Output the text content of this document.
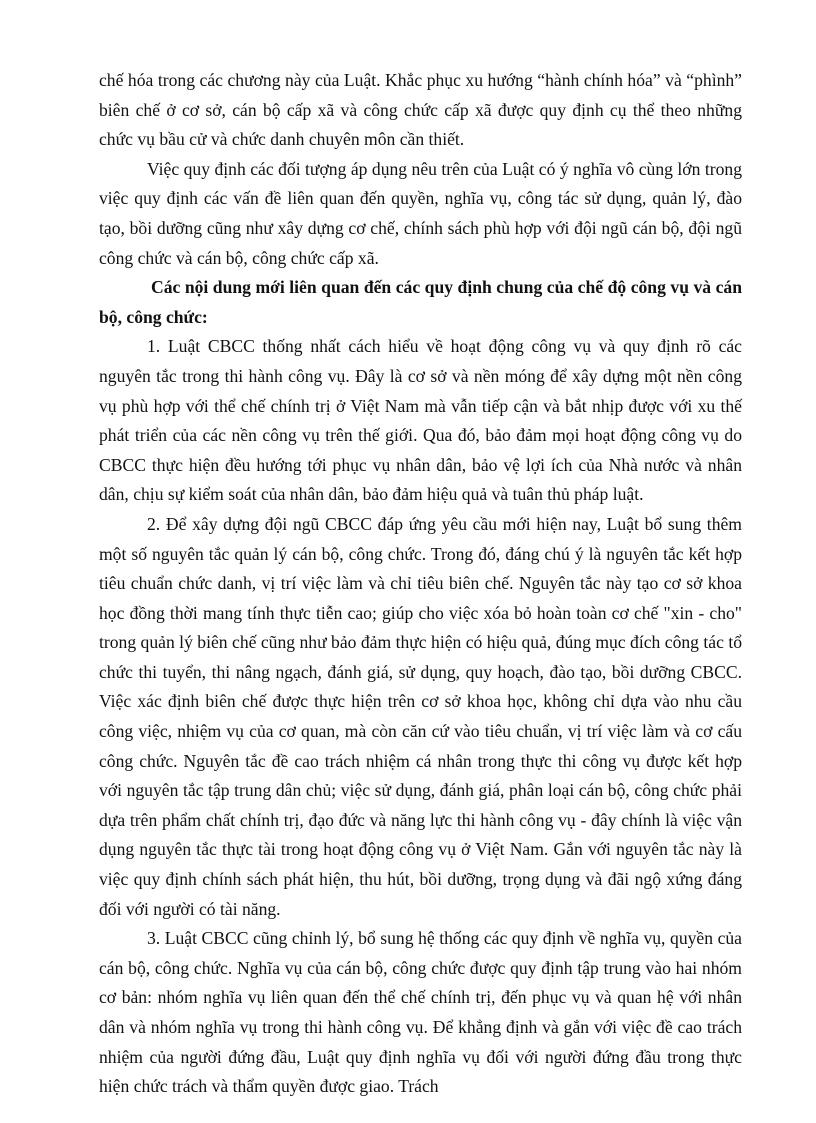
chế hóa trong các chương này của Luật. Khắc phục xu hướng “hành chính hóa” và “phình” biên chế ở cơ sở, cán bộ cấp xã và công chức cấp xã được quy định cụ thể theo những chức vụ bầu cử và chức danh chuyên môn cần thiết.

Việc quy định các đối tượng áp dụng nêu trên của Luật có ý nghĩa vô cùng lớn trong việc quy định các vấn đề liên quan đến quyền, nghĩa vụ, công tác sử dụng, quản lý, đào tạo, bồi dưỡng cũng như xây dựng cơ chế, chính sách phù hợp với đội ngũ cán bộ, đội ngũ công chức và cán bộ, công chức cấp xã.

Các nội dung mới liên quan đến các quy định chung của chế độ công vụ và cán bộ, công chức:

1. Luật CBCC thống nhất cách hiểu về hoạt động công vụ và quy định rõ các nguyên tắc trong thi hành công vụ. Đây là cơ sở và nền móng để xây dựng một nền công vụ phù hợp với thể chế chính trị ở Việt Nam mà vẫn tiếp cận và bắt nhịp được với xu thế phát triển của các nền công vụ trên thế giới. Qua đó, bảo đảm mọi hoạt động công vụ do CBCC thực hiện đều hướng tới phục vụ nhân dân, bảo vệ lợi ích của Nhà nước và nhân dân, chịu sự kiểm soát của nhân dân, bảo đảm hiệu quả và tuân thủ pháp luật.

2. Để xây dựng đội ngũ CBCC đáp ứng yêu cầu mới hiện nay, Luật bổ sung thêm một số nguyên tắc quản lý cán bộ, công chức. Trong đó, đáng chú ý là nguyên tắc kết hợp tiêu chuẩn chức danh, vị trí việc làm và chỉ tiêu biên chế. Nguyên tắc này tạo cơ sở khoa học đồng thời mang tính thực tiễn cao; giúp cho việc xóa bỏ hoàn toàn cơ chế "xin - cho" trong quản lý biên chế cũng như bảo đảm thực hiện có hiệu quả, đúng mục đích công tác tổ chức thi tuyển, thi nâng ngạch, đánh giá, sử dụng, quy hoạch, đào tạo, bồi dưỡng CBCC. Việc xác định biên chế được thực hiện trên cơ sở khoa học, không chỉ dựa vào nhu cầu công việc, nhiệm vụ của cơ quan, mà còn căn cứ vào tiêu chuẩn, vị trí việc làm và cơ cấu công chức. Nguyên tắc đề cao trách nhiệm cá nhân trong thực thi công vụ được kết hợp với nguyên tắc tập trung dân chủ; việc sử dụng, đánh giá, phân loại cán bộ, công chức phải dựa trên phẩm chất chính trị, đạo đức và năng lực thi hành công vụ - đây chính là việc vận dụng nguyên tắc thực tài trong hoạt động công vụ ở Việt Nam. Gắn với nguyên tắc này là việc quy định chính sách phát hiện, thu hút, bồi dưỡng, trọng dụng và đãi ngộ xứng đáng đối với người có tài năng.

3. Luật CBCC cũng chỉnh lý, bổ sung hệ thống các quy định về nghĩa vụ, quyền của cán bộ, công chức. Nghĩa vụ của cán bộ, công chức được quy định tập trung vào hai nhóm cơ bản: nhóm nghĩa vụ liên quan đến thể chế chính trị, đến phục vụ và quan hệ với nhân dân và nhóm nghĩa vụ trong thi hành công vụ. Để khẳng định và gắn với việc đề cao trách nhiệm của người đứng đầu, Luật quy định nghĩa vụ đối với người đứng đầu trong thực hiện chức trách và thẩm quyền được giao. Trách
